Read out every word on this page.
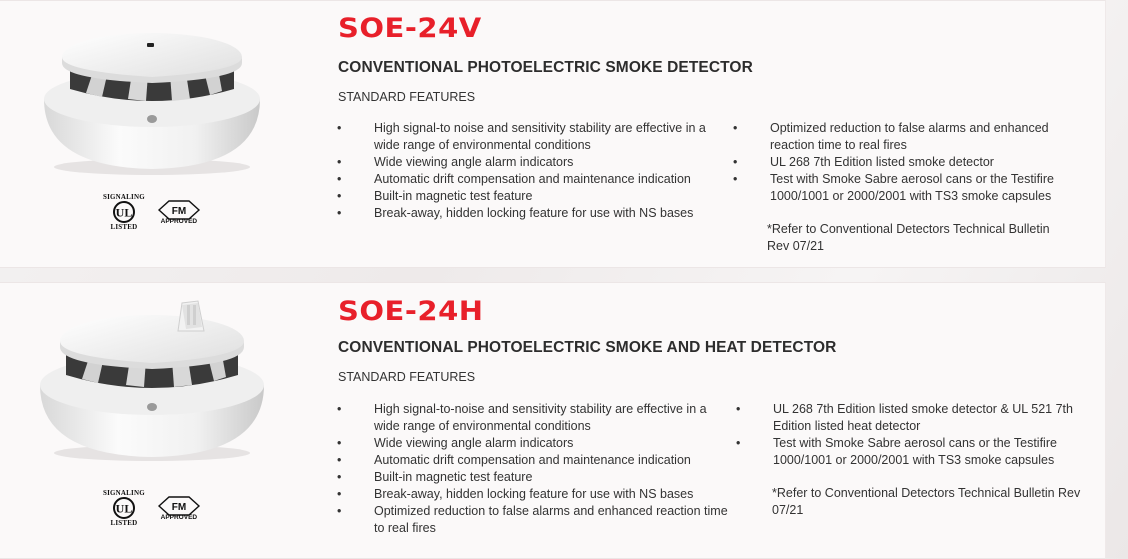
SIGNALING
UL
LISTED
FM
APPROVED
SOE-24V
CONVENTIONAL PHOTOELECTRIC SMOKE DETECTOR
STANDARD FEATURES
• High signal-to noise and sensitivity stability are effective in a wide range of environmental conditions
• Wide viewing angle alarm indicators
• Automatic drift compensation and maintenance indication
• Built-in magnetic test feature
• Break-away, hidden locking feature for use with NS bases
• Optimized reduction to false alarms and enhanced reaction time to real fires
• UL 268 7th Edition listed smoke detector
• Test with Smoke Sabre aerosol cans or the Testifire 1000/1001 or 2000/2001 with TS3 smoke capsules
*Refer to Conventional Detectors Technical Bulletin Rev 07/21
SIGNALING
UL
LISTED
FM
APPROVED
SOE-24H
CONVENTIONAL PHOTOELECTRIC SMOKE AND HEAT DETECTOR
STANDARD FEATURES
• High signal-to-noise and sensitivity stability are effective in a wide range of environmental conditions
• Wide viewing angle alarm indicators
• Automatic drift compensation and maintenance indication
• Built-in magnetic test feature
• Break-away, hidden locking feature for use with NS bases
• Optimized reduction to false alarms and enhanced reaction time to real fires
• UL 268 7th Edition listed smoke detector & UL 521 7th Edition listed heat detector
• Test with Smoke Sabre aerosol cans or the Testifire 1000/1001 or 2000/2001 with TS3 smoke capsules
*Refer to Conventional Detectors Technical Bulletin Rev 07/21
